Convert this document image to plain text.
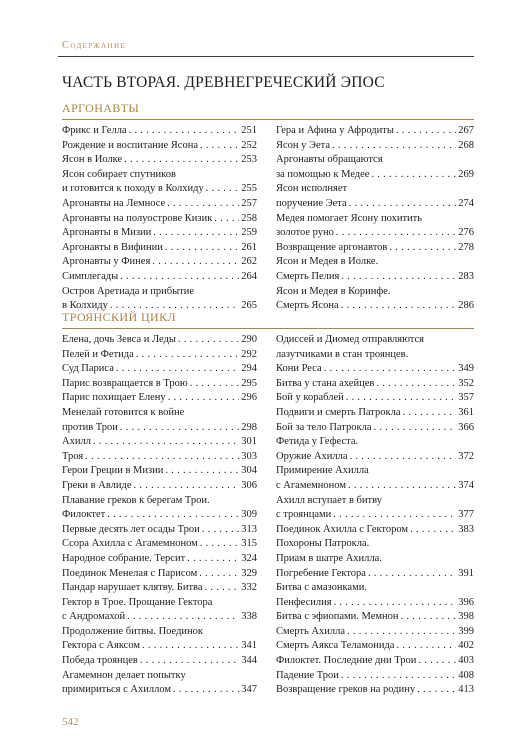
Содержание
ЧАСТЬ ВТОРАЯ. ДРЕВНЕГРЕЧЕСКИЙ ЭПОС
АРГОНАВТЫ
Фрикс и Гелла . . .	251
Рождение и воспитание Ясона . . .	252
Ясон в Иолке . . .	253
Ясон собирает спутников
и готовится к походу в Колхиду . . .	255
Аргонавты на Лемносе . . .	257
Аргонавты на полуострове Кизик . . .	258
Аргонавты в Мизии . . .	259
Аргонавты в Вифинии . . .	261
Аргонавты у Финея . . .	262
Симплегады . . .	264
Остров Аретиада и прибытие
в Колхиду . . .	265
Гера и Афина у Афродиты . . .	267
Ясон у Эета . . .	268
Аргонавты обращаются
за помощью к Медее . . .	269
Ясон исполняет
поручение Эета . . .	274
Медея помогает Ясону похитить
золотое руно . . .	276
Возвращение аргонавтов . . .	278
Ясон и Медея в Иолке.
Смерть Пелия . . .	283
Ясон и Медея в Коринфе.
Смерть Ясона . . .	286
ТРОЯНСКИЙ ЦИКЛ
Елена, дочь Зевса и Леды . . .	290
Пелей и Фетида . . .	292
Суд Париса . . .	294
Парис возвращается в Трою . . .	295
Парис похищает Елену . . .	296
Менелай готовится к войне
против Трои . . .	298
Ахилл . . .	301
Троя . . .	303
Герои Греции в Мизии . . .	304
Греки в Авлиде . . .	306
Плавание греков к берегам Трои.
Филоктет . . .	309
Первые десять лет осады Трои . . .	313
Ссора Ахилла с Агамемноном . . .	315
Народное собрание. Терсит . . .	324
Поединок Менелая с Парисом . . .	329
Пандар нарушает клятву. Битва . . .	332
Гектор в Трое. Прощание Гектора
с Андромахой . . .	338
Продолжение битвы. Поединок
Гектора с Аяксом . . .	341
Победа троянцев . . .	344
Агамемнон делает попытку
примириться с Ахиллом . . .	347
Одиссей и Диомед отправляются
лазутчиками в стан троянцев.
Кони Реса . . .	349
Битва у стана ахейцев . . .	352
Бой у кораблей . . .	357
Подвиги и смерть Патрокла . . .	361
Бой за тело Патрокла . . .	366
Фетида у Гефеста.
Оружие Ахилла . . .	372
Примирение Ахилла
с Агамемноном . . .	374
Ахилл вступает в битву
с троянцами . . .	377
Поединок Ахилла с Гектором . . .	383
Похороны Патрокла.
Приам в шатре Ахилла.
Погребение Гектора . . .	391
Битва с амазонками.
Пенфесилия . . .	396
Битва с эфиопами. Мемнон . . .	398
Смерть Ахилла . . .	399
Смерть Аякса Теламонида . . .	402
Филоктет. Последние дни Трои . . .	403
Падение Трои . . .	408
Возвращение греков на родину . . .	413
542
